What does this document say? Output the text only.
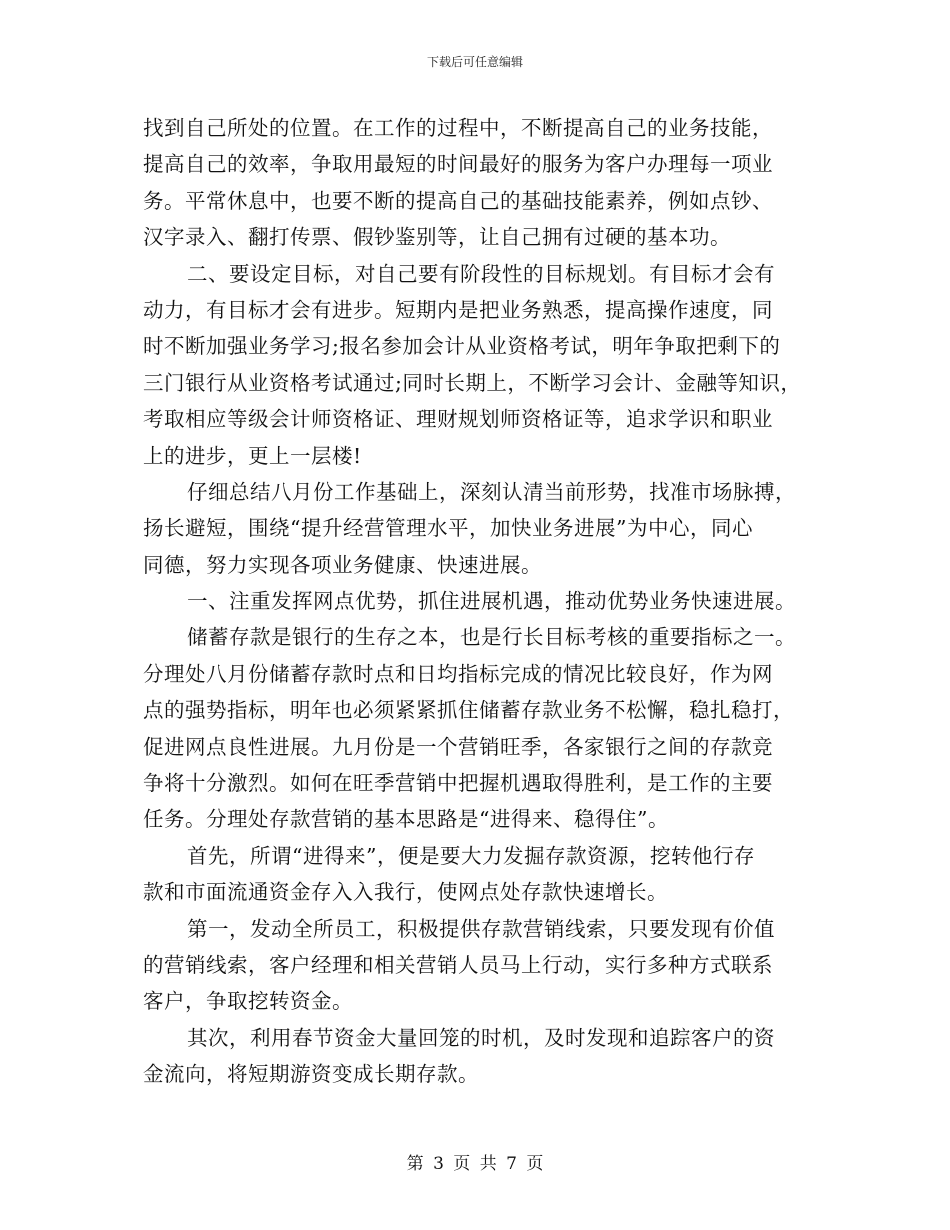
下载后可任意编辑
找到自己所处的位置。在工作的过程中，不断提高自己的业务技能，
提高自己的效率，争取用最短的时间最好的服务为客户办理每一项业
务。平常休息中，也要不断的提高自己的基础技能素养，例如点钞、
汉字录入、翻打传票、假钞鉴别等，让自己拥有过硬的基本功。
二、要设定目标，对自己要有阶段性的目标规划。有目标才会有
动力，有目标才会有进步。短期内是把业务熟悉，提高操作速度，同
时不断加强业务学习;报名参加会计从业资格考试，明年争取把剩下的
三门银行从业资格考试通过;同时长期上，不断学习会计、金融等知识，
考取相应等级会计师资格证、理财规划师资格证等，追求学识和职业
上的进步，更上一层楼!
仔细总结八月份工作基础上，深刻认清当前形势，找准市场脉搏，
扬长避短，围绕“提升经营管理水平，加快业务进展”为中心，同心
同德，努力实现各项业务健康、快速进展。
一、注重发挥网点优势，抓住进展机遇，推动优势业务快速进展。
储蓄存款是银行的生存之本，也是行长目标考核的重要指标之一。
分理处八月份储蓄存款时点和日均指标完成的情况比较良好，作为网
点的强势指标，明年也必须紧紧抓住储蓄存款业务不松懈，稳扎稳打，
促进网点良性进展。九月份是一个营销旺季，各家银行之间的存款竞
争将十分激烈。如何在旺季营销中把握机遇取得胜利，是工作的主要
任务。分理处存款营销的基本思路是“进得来、稳得住”。
首先，所谓“进得来”，便是要大力发掘存款资源，挖转他行存
款和市面流通资金存入入我行，使网点处存款快速增长。
第一，发动全所员工，积极提供存款营销线索，只要发现有价值
的营销线索，客户经理和相关营销人员马上行动，实行多种方式联系
客户，争取挖转资金。
其次，利用春节资金大量回笼的时机，及时发现和追踪客户的资
金流向，将短期游资变成长期存款。
第 3 页 共 7 页
